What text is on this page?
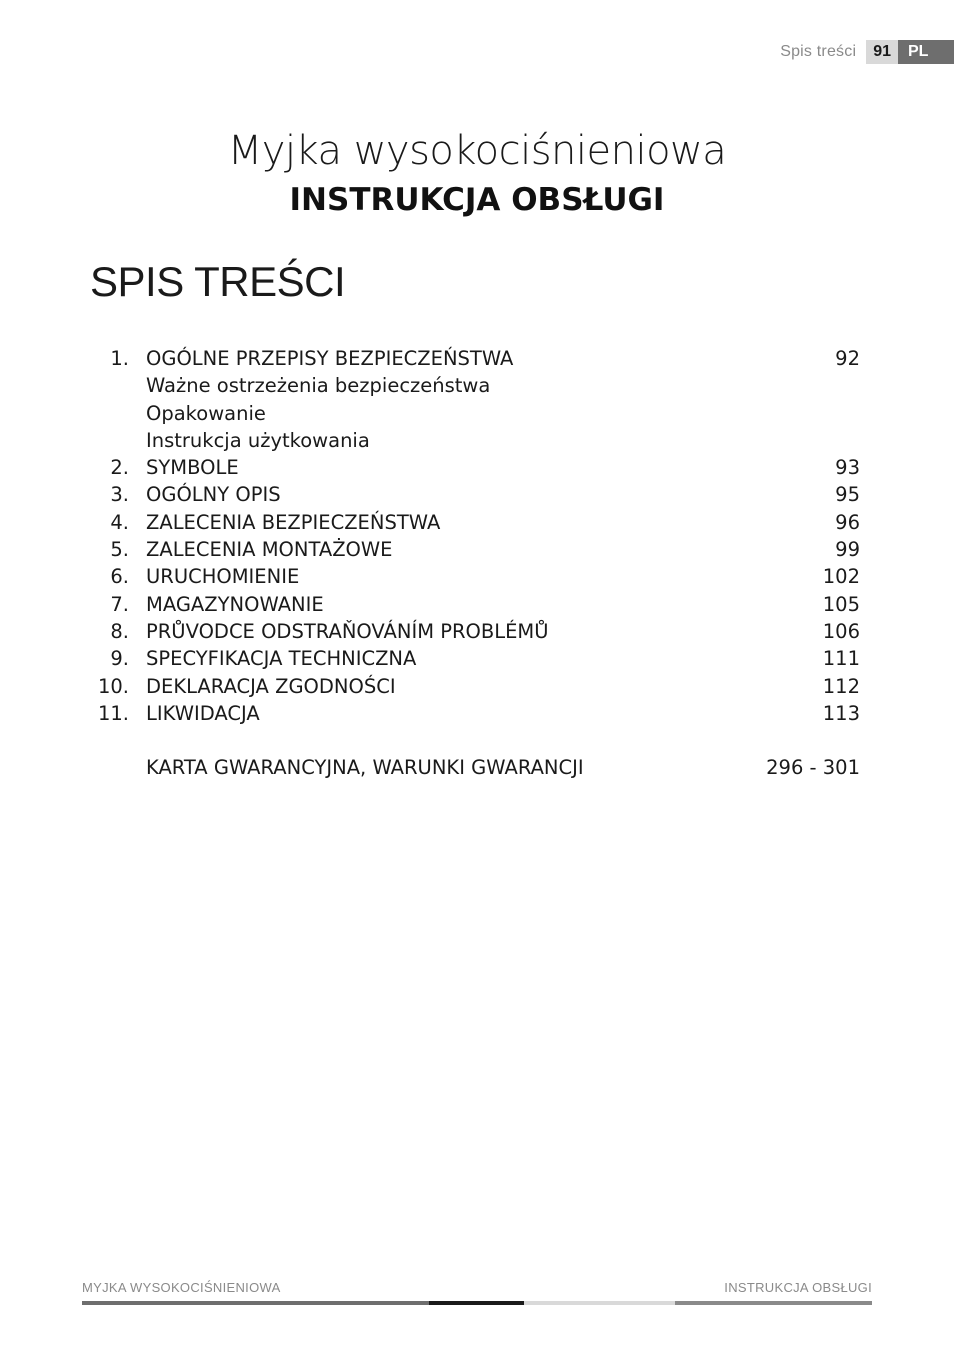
Spis treści	91	PL
Myjka wysokociśnieniowa
INSTRUKCJA OBSŁUGI
SPIS TREŚCI
1. OGÓLNE PRZEPISY BEZPIECZEŃSTWA	92
Ważne ostrzeżenia bezpieczeństwa
Opakowanie
Instrukcja użytkowania
2. SYMBOLE	93
3. OGÓLNY OPIS	95
4. ZALECENIA BEZPIECZEŃSTWA	96
5. ZALECENIA MONTAŻOWE	99
6. URUCHOMIENIE	102
7. MAGAZYNOWANIE	105
8. PRŮVODCE ODSTRAŇOVÁNÍM PROBLÉMŮ	106
9. SPECYFIKACJA TECHNICZNA	111
10. DEKLARACJA ZGODNOŚCI	112
11. LIKWIDACJA	113
KARTA GWARANCYJNA, WARUNKI GWARANCJI	296 - 301
MYJKA WYSOKOCIŚNIENIOWA	INSTRUKCJA OBSŁUGI
